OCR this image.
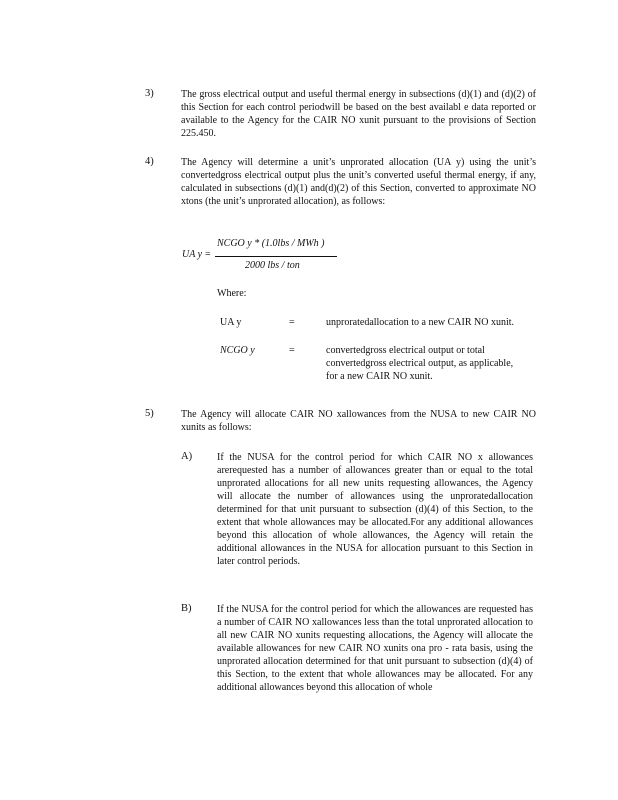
3)	The gross electrical output and useful thermal energy in subsections (d)(1) and (d)(2) of this Section for each control periodwill be based on the best availabl e data reported or available to the Agency for the CAIR NO xunit pursuant to the provisions of Section 225.450.
4)	The Agency will determine a unit’s unprorated allocation (UA y) using the unit’s convertedgross electrical output plus the unit’s converted useful thermal energy, if any, calculated in subsections (d)(1) and(d)(2) of this Section, converted to approximate NO xtons (the unit’s unprorated allocation), as follows:
UA y =
NCGO y * (1.0lbs / MWh )
2000 lbs / ton
Where:
UA y	=	unproratedallocation to a new CAIR NO xunit.
NCGO y	=	convertedgross electrical output or total convertedgross electrical output, as applicable, for a new CAIR NO xunit.
5)	The Agency will allocate CAIR NO xallowances from the NUSA to new CAIR NO xunits as follows:
A) If the NUSA for the control period for which CAIR NO x allowances arerequested has a number of allowances greater than or equal to the total unprorated allocations for all new units requesting allowances, the Agency will allocate the number of allowances using the unproratedallocation determined for that unit pursuant to subsection (d)(4) of this Section, to the extent that whole allowances may be allocated.For any additional allowances beyond this allocation of whole allowances, the Agency will retain the additional allowances in the NUSA for allocation pursuant to this Section in later control periods.
B)	If the NUSA for the control period for which the allowances are requested has a number of CAIR NO xallowances less than the total unprorated allocation to all new CAIR NO xunits requesting allocations, the Agency will allocate the available allowances for new CAIR NO xunits ona pro - rata basis, using the unprorated allocation determined for that unit pursuant to subsection (d)(4) of this Section, to the extent that whole allowances may be allocated. For any additional allowances beyond this allocation of whole
